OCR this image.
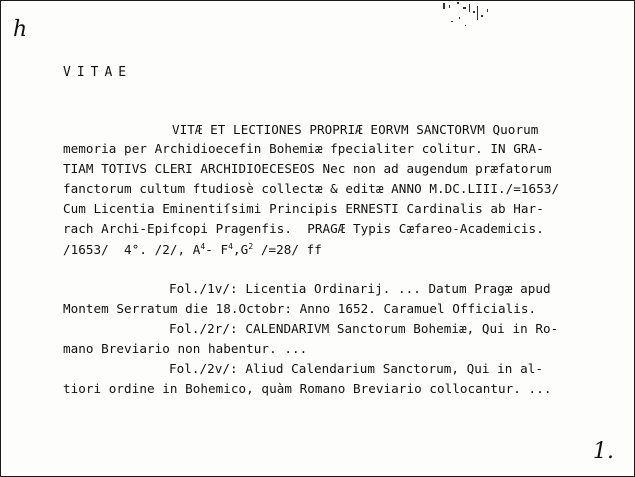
h
VITAE
VITÆ ET LECTIONES PROPRIÆ EORVM SANCTORVM Quorum
memoria per Archidioecefin Bohemiæ fpecialiter colitur. IN GRA-
TIAM TOTIVS CLERI ARCHIDIOECESEOS Nec non ad augendum præfatorum
fanctorum cultum ftudiosè collectæ & editæ ANNO M.DC.LIII./=1653/
Cum Licentia Eminentiſsimi Principis ERNESTI Cardinalis ab Har-
rach Archi-Epifcopi Pragenfis.  PRAGÆ Typis Cæfareo-Academicis.
/1653/  4°. /2/, $A^4-$ $F^4,G^2$ /=28/ ff
Fol./1v/: Licentia Ordinarij. ... Datum Pragæ apud
Montem Serratum die 18.Octobr: Anno 1652. Caramuel Officialis.
Fol./2r/: CALENDARIVM Sanctorum Bohemiæ, Qui in Ro-
mano Breviario non habentur. ...
Fol./2v/: Aliud Calendarium Sanctorum, Qui in al-
tiori ordine in Bohemico, quàm Romano Breviario collocantur. ...
1.
